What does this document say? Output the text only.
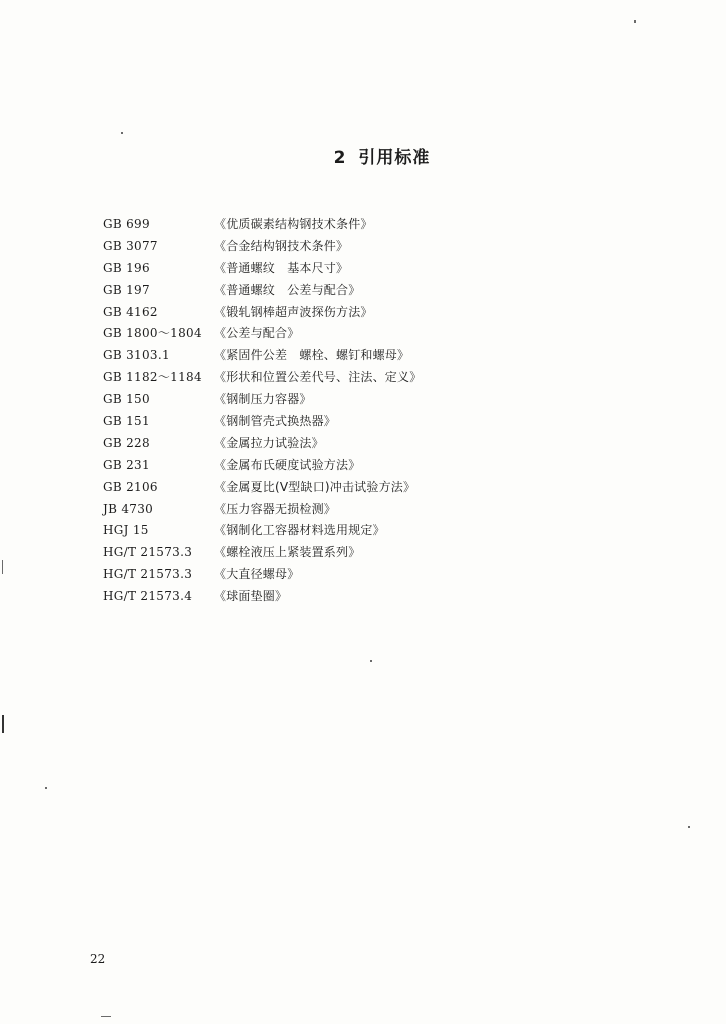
2 引用标准
GB 699	《优质碳素结构钢技术条件》
GB 3077	《合金结构钢技术条件》
GB 196	《普通螺纹　基本尺寸》
GB 197	《普通螺纹　公差与配合》
GB 4162	《锻轧钢棒超声波探伤方法》
GB 1800～1804 《公差与配合》
GB 3103.1	《紧固件公差　螺栓、螺钉和螺母》
GB 1182～1184 《形状和位置公差代号、注法、定义》
GB 150	《钢制压力容器》
GB 151	《钢制管壳式换热器》
GB 228	《金属拉力试验法》
GB 231	《金属布氏硬度试验方法》
GB 2106	《金属夏比(V型缺口)冲击试验方法》
JB 4730	《压力容器无损检测》
HGJ 15	《钢制化工容器材料选用规定》
HG/T 21573.3 《螺栓液压上紧装置系列》
HG/T 21573.3 《大直径螺母》
HG/T 21573.4 《球面垫圈》
22
